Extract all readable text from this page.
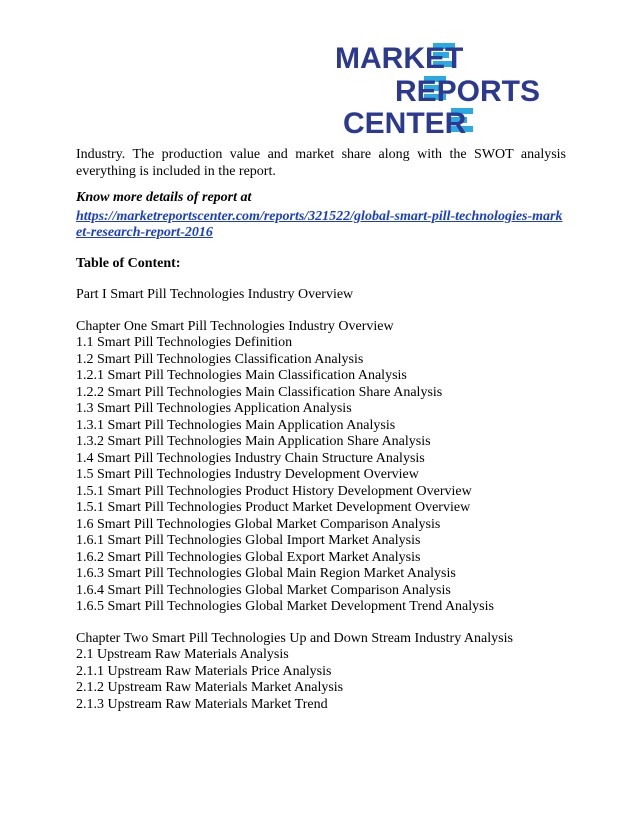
MARKET
REPORTS
CENTER

Industry. The production value and market share along with the SWOT analysis everything is included in the report.

Know more details of report at

https://marketreportscenter.com/reports/321522/global-smart-pill-technologies-market-research-report-2016

Table of Content:

Part I Smart Pill Technologies Industry Overview

Chapter One Smart Pill Technologies Industry Overview

1.1 Smart Pill Technologies Definition

1.2 Smart Pill Technologies Classification Analysis

1.2.1 Smart Pill Technologies Main Classification Analysis

1.2.2 Smart Pill Technologies Main Classification Share Analysis

1.3 Smart Pill Technologies Application Analysis

1.3.1 Smart Pill Technologies Main Application Analysis

1.3.2 Smart Pill Technologies Main Application Share Analysis

1.4 Smart Pill Technologies Industry Chain Structure Analysis

1.5 Smart Pill Technologies Industry Development Overview

1.5.1 Smart Pill Technologies Product History Development Overview

1.5.1 Smart Pill Technologies Product Market Development Overview

1.6 Smart Pill Technologies Global Market Comparison Analysis

1.6.1 Smart Pill Technologies Global Import Market Analysis

1.6.2 Smart Pill Technologies Global Export Market Analysis

1.6.3 Smart Pill Technologies Global Main Region Market Analysis

1.6.4 Smart Pill Technologies Global Market Comparison Analysis

1.6.5 Smart Pill Technologies Global Market Development Trend Analysis

Chapter Two Smart Pill Technologies Up and Down Stream Industry Analysis

2.1 Upstream Raw Materials Analysis

2.1.1 Upstream Raw Materials Price Analysis

2.1.2 Upstream Raw Materials Market Analysis

2.1.3 Upstream Raw Materials Market Trend
